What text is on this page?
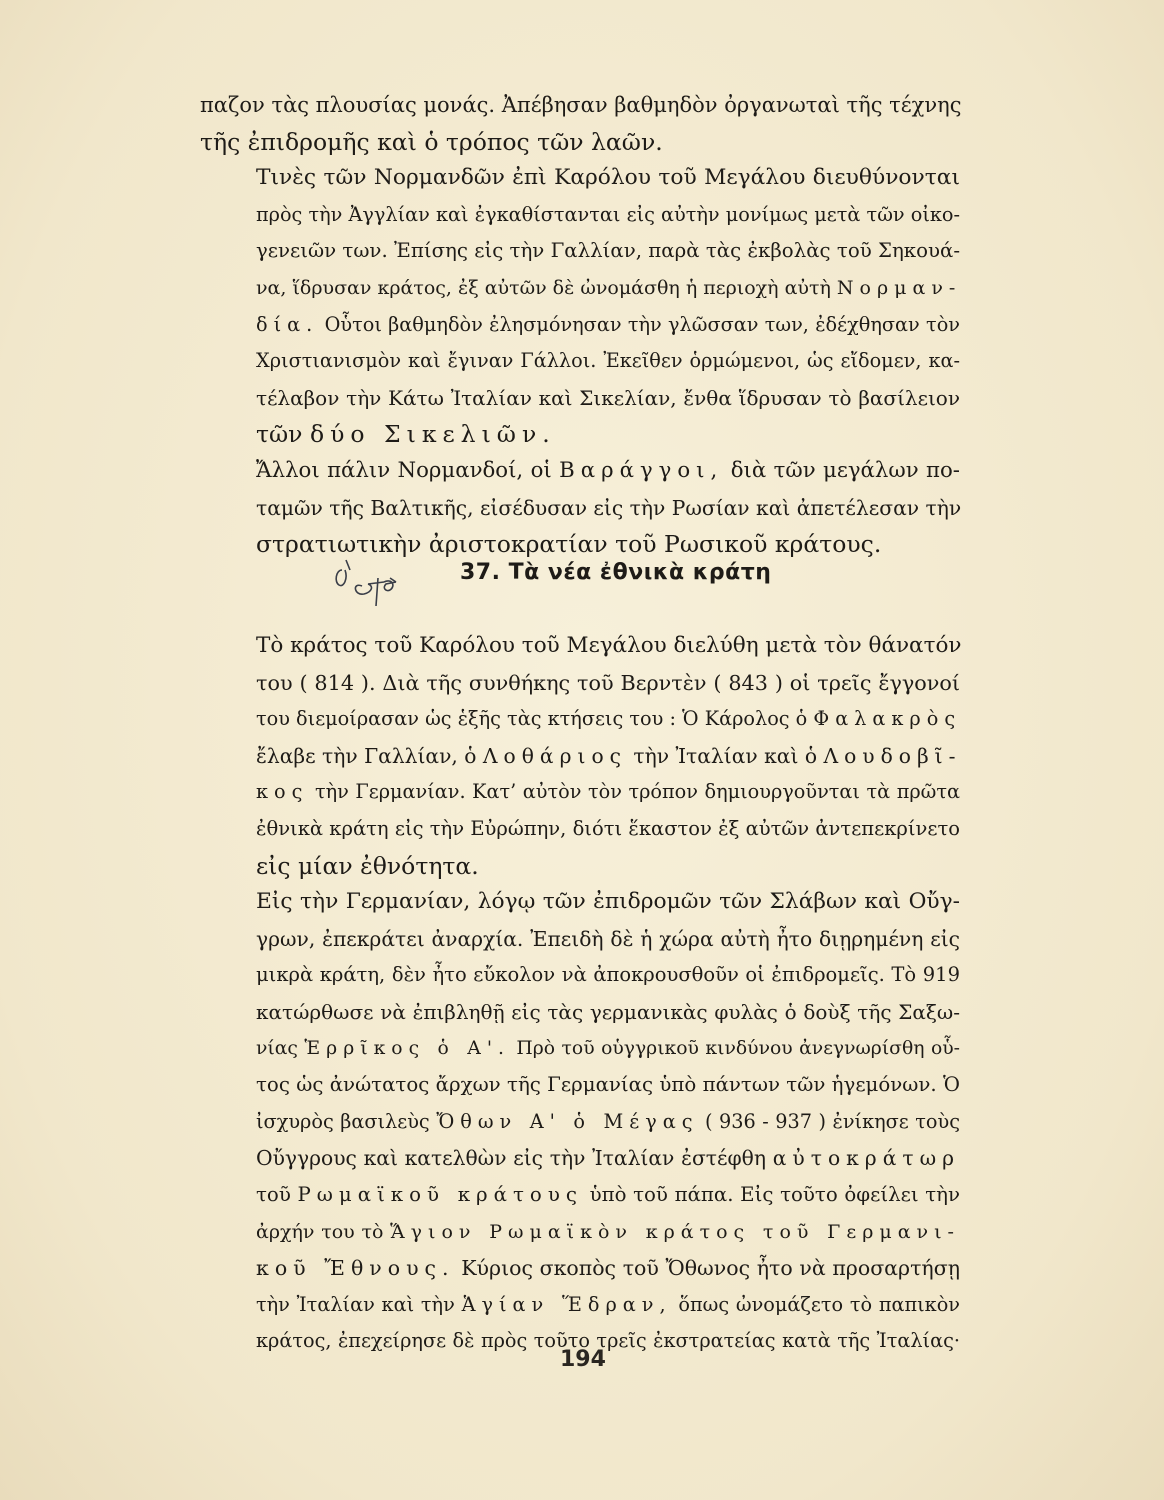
παζον τὰς πλουσίας μονάς. Ἀπέβησαν βαθμηδὸν ὀργανωταὶ τῆς τέχνης
τῆς ἐπιδρομῆς καὶ ὁ τρόπος τῶν λαῶν.

Τινὲς τῶν Νορμανδῶν ἐπὶ Καρόλου τοῦ Μεγάλου διευθύνονται
πρὸς τὴν Ἀγγλίαν καὶ ἐγκαθίστανται εἰς αὐτὴν μονίμως μετὰ τῶν οἰκο-
γενειῶν των. Ἐπίσης εἰς τὴν Γαλλίαν, παρὰ τὰς ἐκβολὰς τοῦ Σηκουά-
να, ἵδρυσαν κράτος, ἐξ αὐτῶν δὲ ὠνομάσθη ἡ περιοχὴ αὐτὴ Νορμαν-
δία. Οὗτοι βαθμηδὸν ἐλησμόνησαν τὴν γλῶσσαν των, ἐδέχθησαν τὸν
Χριστιανισμὸν καὶ ἔγιναν Γάλλοι. Ἐκεῖθεν ὁρμώμενοι, ὡς εἴδομεν, κα-
τέλαβον τὴν Κάτω Ἰταλίαν καὶ Σικελίαν, ἔνθα ἵδρυσαν τὸ βασίλειον
τῶν δύο Σικελιῶν.

Ἄλλοι πάλιν Νορμανδοί, οἱ Βαράγγοι, διὰ τῶν μεγάλων πο-
ταμῶν τῆς Βαλτικῆς, εἰσέδυσαν εἰς τὴν Ρωσίαν καὶ ἀπετέλεσαν τὴν
στρατιωτικὴν ἀριστοκρατίαν τοῦ Ρωσικοῦ κράτους.

37. Τὰ νέα ἐθνικὰ κράτη

Τὸ κράτος τοῦ Καρόλου τοῦ Μεγάλου διελύθη μετὰ τὸν θάνατόν
του ( 814 ). Διὰ τῆς συνθήκης τοῦ Βερντὲν ( 843 ) οἱ τρεῖς ἔγγονοί
του διεμοίρασαν ὡς ἑξῆς τὰς κτήσεις του : Ὁ Κάρολος ὁ Φαλακρὸς
ἔλαβε τὴν Γαλλίαν, ὁ Λοθάριος τὴν Ἰταλίαν καὶ ὁ Λουδοβῖ-
κος τὴν Γερμανίαν. Κατ’ αὐτὸν τὸν τρόπον δημιουργοῦνται τὰ πρῶτα
ἐθνικὰ κράτη εἰς τὴν Εὐρώπην, διότι ἕκαστον ἐξ αὐτῶν ἀντεπεκρίνετο
εἰς μίαν ἐθνότητα.

Εἰς τὴν Γερμανίαν, λόγῳ τῶν ἐπιδρομῶν τῶν Σλάβων καὶ Οὔγ-
γρων, ἐπεκράτει ἀναρχία. Ἐπειδὴ δὲ ἡ χώρα αὐτὴ ἦτο διῃρημένη εἰς
μικρὰ κράτη, δὲν ἦτο εὔκολον νὰ ἀποκρουσθοῦν οἱ ἐπιδρομεῖς. Τὸ 919
κατώρθωσε νὰ ἐπιβληθῇ εἰς τὰς γερμανικὰς φυλὰς ὁ δοὺξ τῆς Σαξω-
νίας Ἑρρῖκος ὁ Α'. Πρὸ τοῦ οὑγγρικοῦ κινδύνου ἀνεγνωρίσθη οὗ-
τος ὡς ἀνώτατος ἄρχων τῆς Γερμανίας ὑπὸ πάντων τῶν ἡγεμόνων. Ὁ
ἰσχυρὸς βασιλεὺς Ὄθων Α' ὁ Μέγας ( 936 - 937 ) ἐνίκησε τοὺς
Οὔγγρους καὶ κατελθὼν εἰς τὴν Ἰταλίαν ἐστέφθη αὐτοκράτωρ
τοῦ Ρωμαϊκοῦ κράτους ὑπὸ τοῦ πάπα. Εἰς τοῦτο ὀφείλει τὴν
ἀρχήν του τὸ Ἅγιον Ρωμαϊκὸν κράτος τοῦ Γερμανι-
κοῦ Ἔθνους. Κύριος σκοπὸς τοῦ Ὄθωνος ἦτο νὰ προσαρτήσῃ
τὴν Ἰταλίαν καὶ τὴν Ἁγίαν Ἕδραν, ὅπως ὠνομάζετο τὸ παπικὸν
κράτος, ἐπεχείρησε δὲ πρὸς τοῦτο τρεῖς ἐκστρατείας κατὰ τῆς Ἰταλίας·

194
